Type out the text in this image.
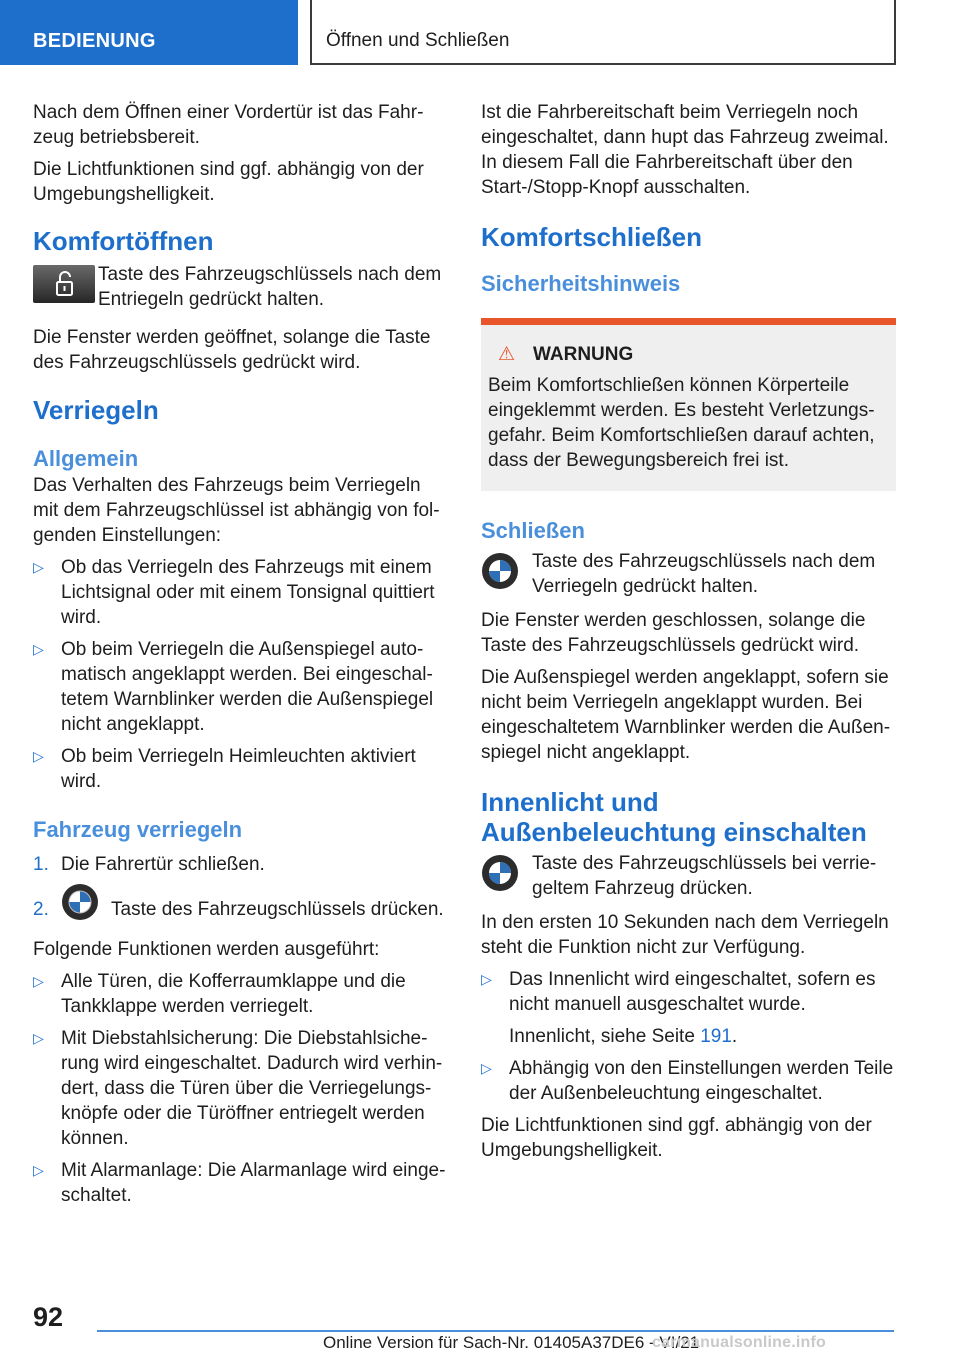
BEDIENUNG	Öffnen und Schließen

Nach dem Öffnen einer Vordertür ist das Fahr-zeug betriebsbereit.

Die Lichtfunktionen sind ggf. abhängig von der Umgebungshelligkeit.

Komfortöffnen
Taste des Fahrzeugschlüssels nach dem Entriegeln gedrückt halten.

Die Fenster werden geöffnet, solange die Taste des Fahrzeugschlüssels gedrückt wird.

Verriegeln
Allgemein

Das Verhalten des Fahrzeugs beim Verriegeln mit dem Fahrzeugschlüssel ist abhängig von fol-genden Einstellungen:

▷ Ob das Verriegeln des Fahrzeugs mit einem Lichtsignal oder mit einem Tonsignal quittiert wird.
▷ Ob beim Verriegeln die Außenspiegel auto-matisch angeklappt werden. Bei eingeschal-tetem Warnblinker werden die Außenspiegel nicht angeklappt.
▷ Ob beim Verriegeln Heimleuchten aktiviert wird.
Fahrzeug verriegeln
1. Die Fahrertür schließen.
2.	Taste des Fahrzeugschlüssels drücken.

Folgende Funktionen werden ausgeführt:

▷ Alle Türen, die Kofferraumklappe und die Tankklappe werden verriegelt.
▷ Mit Diebstahlsicherung: Die Diebstahlsiche-rung wird eingeschaltet. Dadurch wird verhin-dert, dass die Türen über die Verriegelungs-knöpfe oder die Türöffner entriegelt werden können.
▷ Mit Alarmanlage: Die Alarmanlage wird einge-schaltet.

Ist die Fahrbereitschaft beim Verriegeln noch eingeschaltet, dann hupt das Fahrzeug zweimal. In diesem Fall die Fahrbereitschaft über den Start-/Stopp-Knopf ausschalten.

Komfortschließen
Sicherheitshinweis
⚠ WARNUNG

Beim Komfortschließen können Körperteile eingeklemmt werden. Es besteht Verletzungs-gefahr. Beim Komfortschließen darauf achten, dass der Bewegungsbereich frei ist.

Schließen
Taste des Fahrzeugschlüssels nach dem Verriegeln gedrückt halten.

Die Fenster werden geschlossen, solange die Taste des Fahrzeugschlüssels gedrückt wird.

Die Außenspiegel werden angeklappt, sofern sie nicht beim Verriegeln angeklappt wurden. Bei eingeschaltetem Warnblinker werden die Außen-spiegel nicht angeklappt.

Innenlicht und Außenbeleuchtung einschalten
Taste des Fahrzeugschlüssels bei verrie-geltem Fahrzeug drücken.

In den ersten 10 Sekunden nach dem Verriegeln steht die Funktion nicht zur Verfügung.

▷ Das Innenlicht wird eingeschaltet, sofern es nicht manuell ausgeschaltet wurde.
Innenlicht, siehe Seite 191.
▷ Abhängig von den Einstellungen werden Teile der Außenbeleuchtung eingeschaltet.

Die Lichtfunktionen sind ggf. abhängig von der Umgebungshelligkeit.

92
Online Version für Sach-Nr. 01405A37DE6 - VI/21
carmanualsonline.info
